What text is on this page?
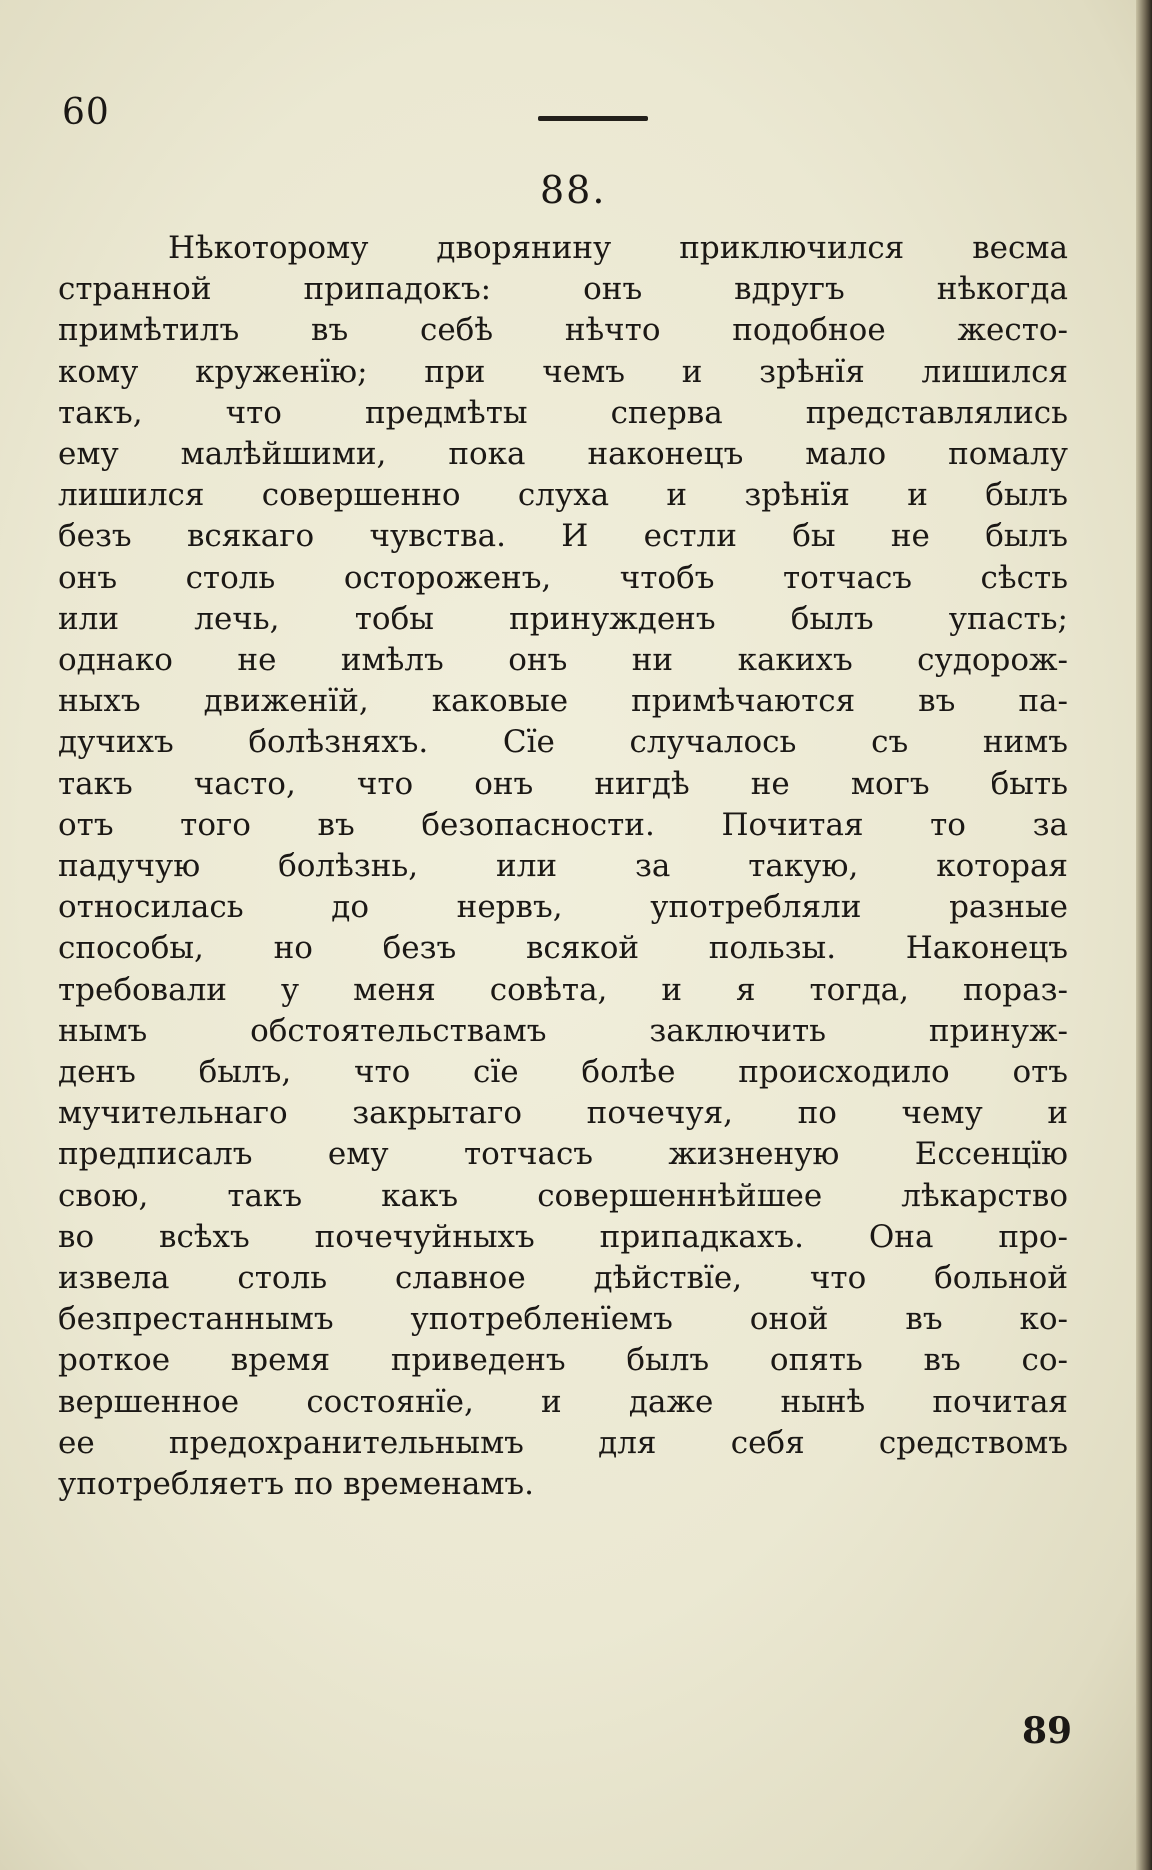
60
88.
Нѣкоторому дворянину приключился весма
странной припадокъ: онъ вдругъ нѣкогда
примѣтилъ въ себѣ нѣчто подобное жесто-
кому круженїю; при чемъ и зрѣнїя лишился
такъ, что предмѣты сперва представлялись
ему малѣйшими, пока наконецъ мало помалу
лишился совершенно слуха и зрѣнїя и былъ
безъ всякаго чувства. И естли бы не былъ
онъ столь остороженъ, чтобъ тотчасъ сѣсть
или лечь, тобы принужденъ былъ упасть;
однако не имѣлъ онъ ни какихъ судорож-
ныхъ движенїй, каковые примѣчаются въ па-
дучихъ болѣзняхъ. Сїе случалось съ нимъ
такъ часто, что онъ нигдѣ не могъ быть
отъ того въ безопасности. Почитая то за
падучую болѣзнь, или за такую, которая
относилась до нервъ, употребляли разные
способы, но безъ всякой пользы. Наконецъ
требовали у меня совѣта, и я тогда, пораз-
нымъ обстоятельствамъ заключить принуж-
денъ былъ, что сїе болѣе происходило отъ
мучительнаго закрытаго почечуя, по чему и
предписалъ ему тотчасъ жизненую Ессенцїю
свою, такъ какъ совершеннѣйшее лѣкарство
во всѣхъ почечуйныхъ припадкахъ. Она про-
извела столь славное дѣйствїе, что больной
безпрестаннымъ употребленїемъ оной въ ко-
роткое время приведенъ былъ опять въ со-
вершенное состоянїе, и даже нынѣ почитая
ее предохранительнымъ для себя средствомъ
употребляетъ по временамъ.
89
